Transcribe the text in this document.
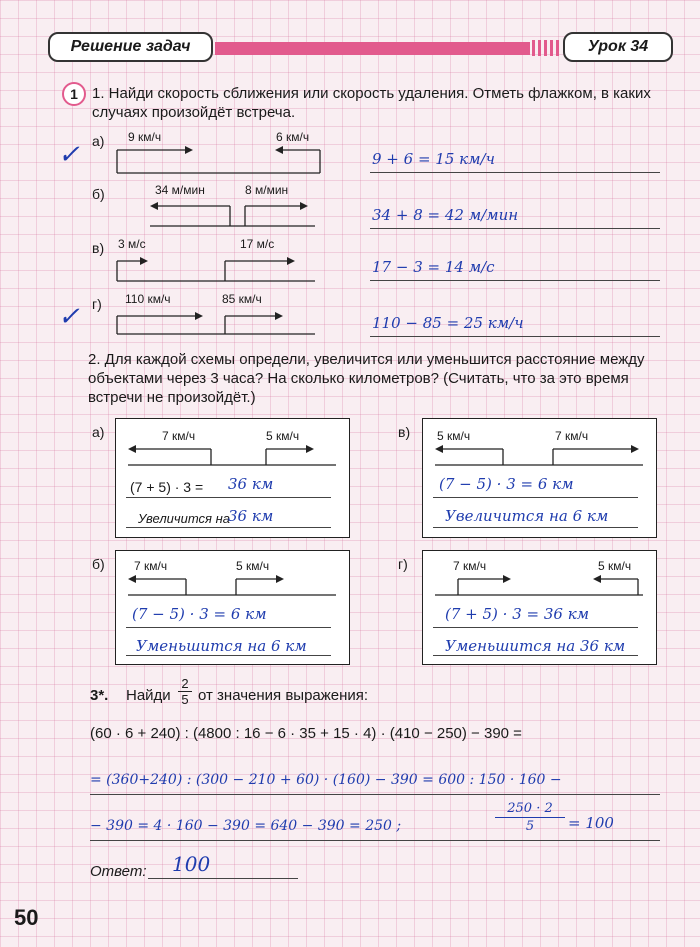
Решение задач	Урок 34
1 1. Найди скорость сближения или скорость удаления. Отметь флажком, в каких случаях произойдёт встреча.
а)
✓
9 км/ч	6 км/ч
9 + 6 = 15 км/ч
б)	34 м/мин	8 м/мин
34 + 8 = 42 м/мин
в) 3 м/с	17 м/с
17 − 3 = 14 м/с
г)
✓
110 км/ч	85 км/ч
110 − 85 = 25 км/ч
2. Для каждой схемы определи, увеличится или уменьшится расстояние между объектами через 3 часа? На сколько километров? (Считать, что за это время встречи не произойдёт.)
а)	7 км/ч	5 км/ч
(7 + 5) · 3 = 36 км
Увеличится на
36 км
в) 5 км/ч	7 км/ч
(7 − 5) · 3 = 6 км
Увеличится на 6 км
б) 7 км/ч	5 км/ч
(7 − 5) · 3 = 6 км
Уменьшится на 6 км
г)	7 км/ч	5 км/ч
(7 + 5) · 3 = 36 км
Уменьшится на 36 км
3*. Найди $\frac{2}{5}$ от значения выражения:
(60 · 6 + 240) : (4800 : 16 − 6 · 35 + 15 · 4) · (410 − 250) − 390 =
= (360+240) : (300 − 210 + 60) · (160) − 390 = 600 : 150 · 160 −
− 390 = 4 · 160 − 390 = 640 − 390 = 250 ;
250 · 2
5	= 100
Ответ: 100
50
